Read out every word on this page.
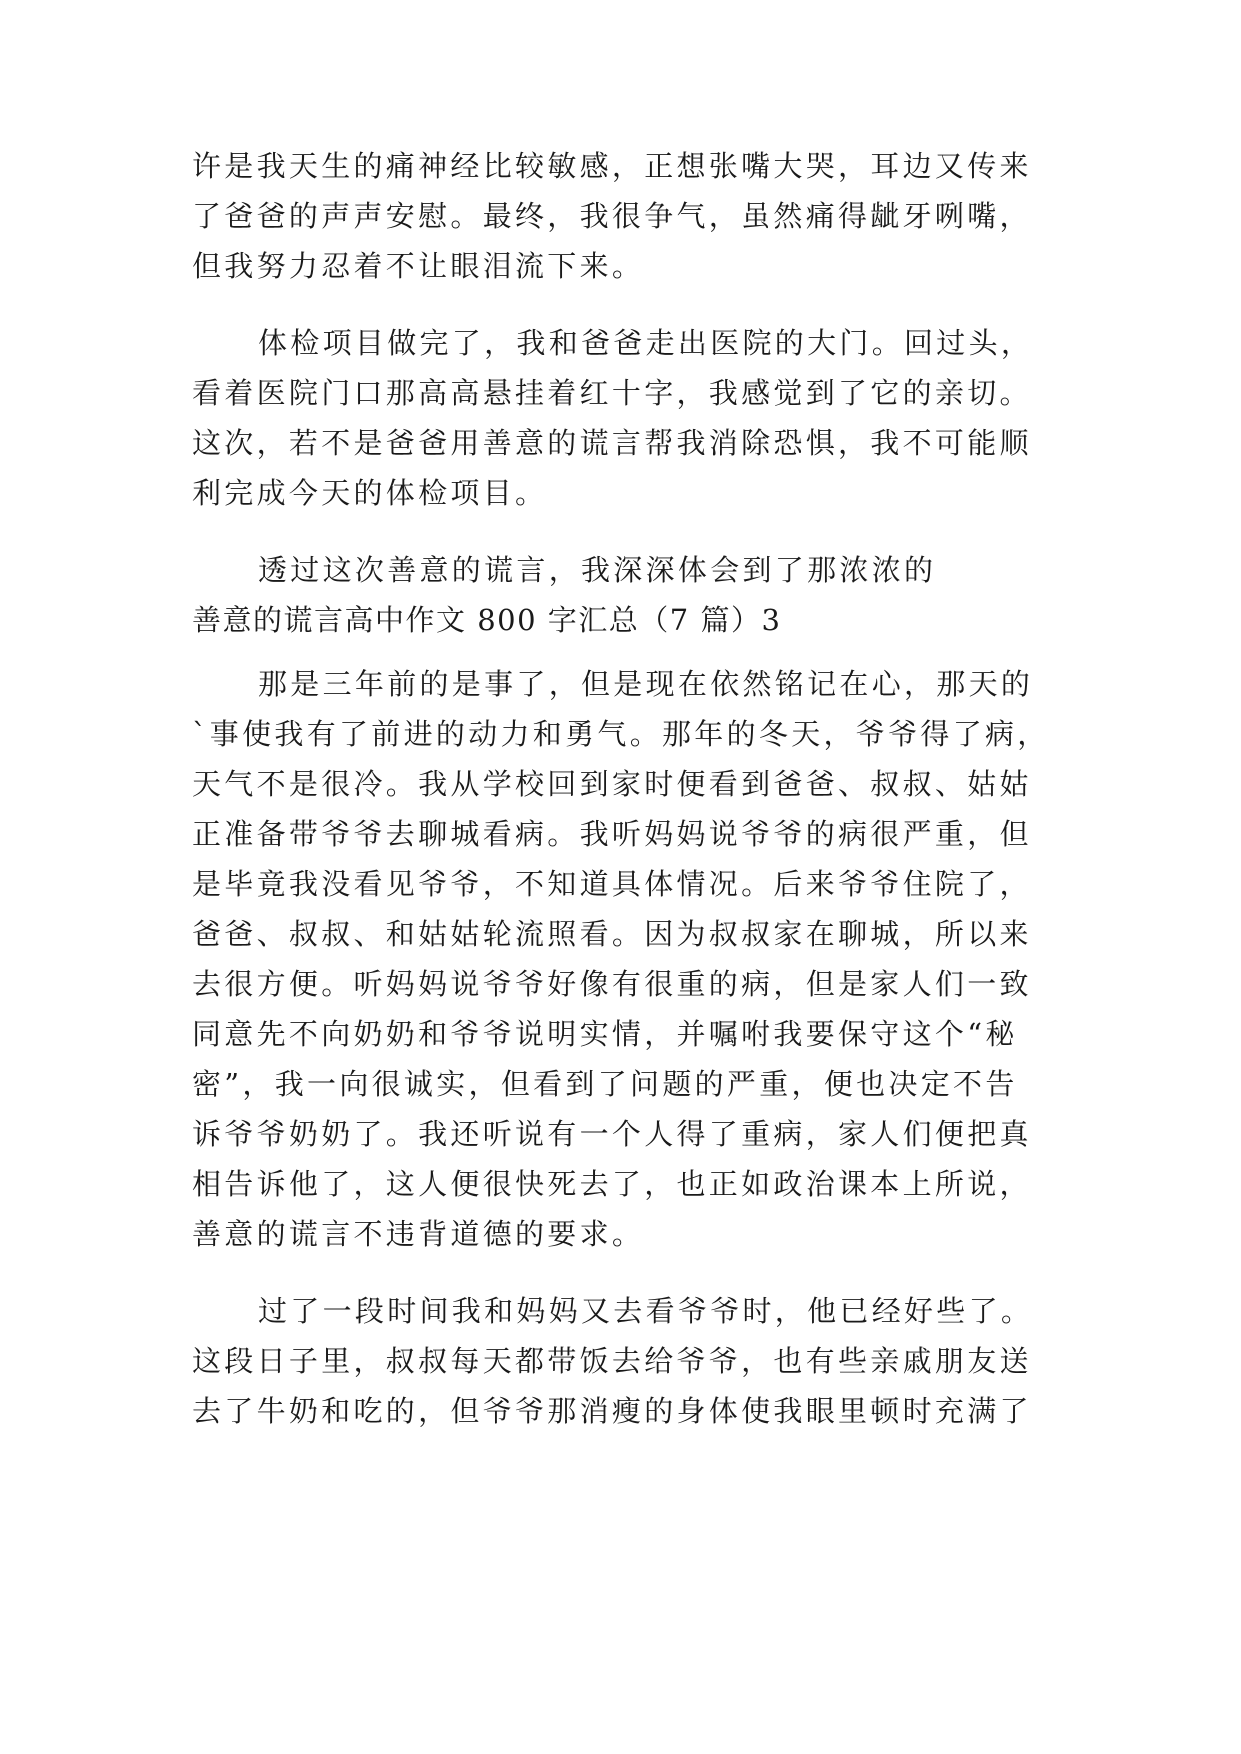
许是我天生的痛神经比较敏感，正想张嘴大哭，耳边又传来
了爸爸的声声安慰。最终，我很争气，虽然痛得龇牙咧嘴，
但我努力忍着不让眼泪流下来。
体检项目做完了，我和爸爸走出医院的大门。回过头，
看着医院门口那高高悬挂着红十字，我感觉到了它的亲切。
这次，若不是爸爸用善意的谎言帮我消除恐惧，我不可能顺
利完成今天的体检项目。
透过这次善意的谎言，我深深体会到了那浓浓的
善意的谎言高中作文 800 字汇总（7 篇）3
那是三年前的是事了，但是现在依然铭记在心，那天的
`事使我有了前进的动力和勇气。那年的冬天，爷爷得了病，
天气不是很冷。我从学校回到家时便看到爸爸、叔叔、姑姑
正准备带爷爷去聊城看病。我听妈妈说爷爷的病很严重，但
是毕竟我没看见爷爷，不知道具体情况。后来爷爷住院了，
爸爸、叔叔、和姑姑轮流照看。因为叔叔家在聊城，所以来
去很方便。听妈妈说爷爷好像有很重的病，但是家人们一致
同意先不向奶奶和爷爷说明实情，并嘱咐我要保守这个“秘
密”，我一向很诚实，但看到了问题的严重，便也决定不告
诉爷爷奶奶了。我还听说有一个人得了重病，家人们便把真
相告诉他了，这人便很快死去了，也正如政治课本上所说，
善意的谎言不违背道德的要求。
过了一段时间我和妈妈又去看爷爷时，他已经好些了。
这段日子里，叔叔每天都带饭去给爷爷，也有些亲戚朋友送
去了牛奶和吃的，但爷爷那消瘦的身体使我眼里顿时充满了
